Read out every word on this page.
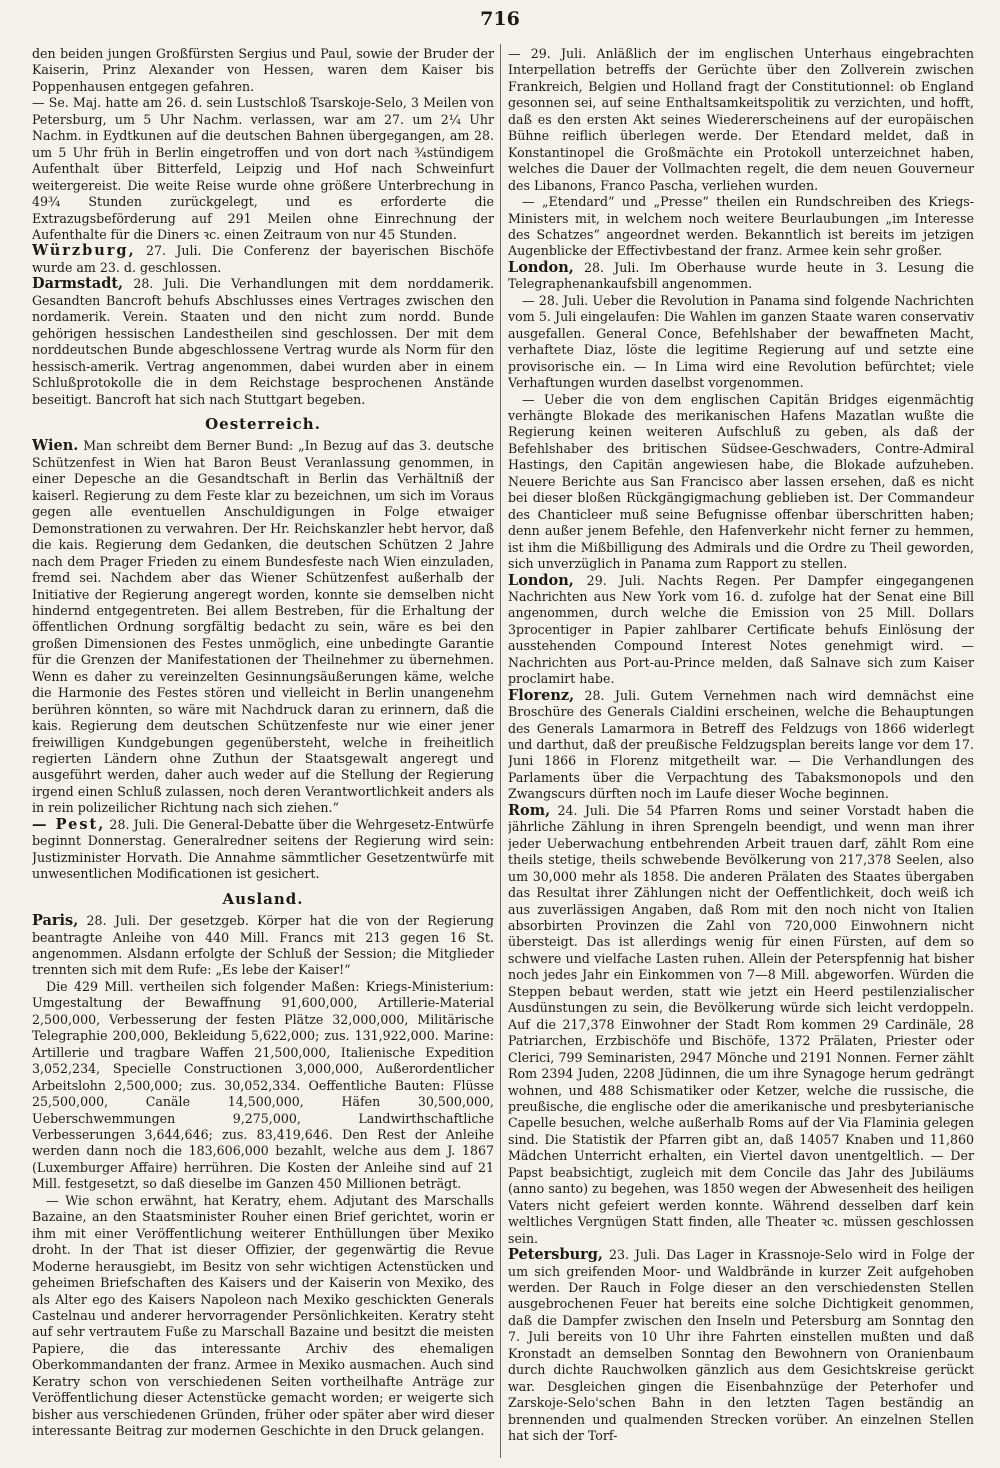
716

den beiden jungen Großfürsten Sergius und Paul, sowie der Bruder der Kaiserin, Prinz Alexander von Hessen, waren dem Kaiser bis Poppenhausen entgegen gefahren.

— Se. Maj. hatte am 26. d. sein Lustschloß Tsarskoje-Selo, 3 Meilen von Petersburg, um 5 Uhr Nachm. verlassen, war am 27. um 2¼ Uhr Nachm. in Eydtkunen auf die deutschen Bahnen übergegangen, am 28. um 5 Uhr früh in Berlin eingetroffen und von dort nach ¾stündigem Aufenthalt über Bitterfeld, Leipzig und Hof nach Schweinfurt weitergereist. Die weite Reise wurde ohne größere Unterbrechung in 49¾ Stunden zurückgelegt, und es erforderte die Extrazugsbeförderung auf 291 Meilen ohne Einrechnung der Aufenthalte für die Diners ꝛc. einen Zeitraum von nur 45 Stunden.

Würzburg, 27. Juli. Die Conferenz der bayerischen Bischöfe wurde am 23. d. geschlossen.

Darmstadt, 28. Juli. Die Verhandlungen mit dem norddamerik. Gesandten Bancroft behufs Abschlusses eines Vertrages zwischen den nordamerik. Verein. Staaten und den nicht zum nordd. Bunde gehörigen hessischen Landestheilen sind geschlossen. Der mit dem norddeutschen Bunde abgeschlossene Vertrag wurde als Norm für den hessisch-amerik. Vertrag angenommen, dabei wurden aber in einem Schlußprotokolle die in dem Reichstage besprochenen Anstände beseitigt. Bancroft hat sich nach Stuttgart begeben.

Oesterreich.

Wien. Man schreibt dem Berner Bund: „In Bezug auf das 3. deutsche Schützenfest in Wien hat Baron Beust Veranlassung genommen, in einer Depesche an die Gesandtschaft in Berlin das Verhältniß der kaiserl. Regierung zu dem Feste klar zu bezeichnen, um sich im Voraus gegen alle eventuellen Anschuldigungen in Folge etwaiger Demonstrationen zu verwahren. Der Hr. Reichskanzler hebt hervor, daß die kais. Regierung dem Gedanken, die deutschen Schützen 2 Jahre nach dem Prager Frieden zu einem Bundesfeste nach Wien einzuladen, fremd sei. Nachdem aber das Wiener Schützenfest außerhalb der Initiative der Regierung angeregt worden, konnte sie demselben nicht hindernd entgegentreten. Bei allem Bestreben, für die Erhaltung der öffentlichen Ordnung sorgfältig bedacht zu sein, wäre es bei den großen Dimensionen des Festes unmöglich, eine unbedingte Garantie für die Grenzen der Manifestationen der Theilnehmer zu übernehmen. Wenn es daher zu vereinzelten Gesinnungsäußerungen käme, welche die Harmonie des Festes stören und vielleicht in Berlin unangenehm berühren könnten, so wäre mit Nachdruck daran zu erinnern, daß die kais. Regierung dem deutschen Schützenfeste nur wie einer jener freiwilligen Kundgebungen gegenübersteht, welche in freiheitlich regierten Ländern ohne Zuthun der Staatsgewalt angeregt und ausgeführt werden, daher auch weder auf die Stellung der Regierung irgend einen Schluß zulassen, noch deren Verantwortlichkeit anders als in rein polizeilicher Richtung nach sich ziehen.“

— Pest, 28. Juli. Die General-Debatte über die Wehrgesetz-Entwürfe beginnt Donnerstag. Generalredner seitens der Regierung wird sein: Justizminister Horvath. Die Annahme sämmtlicher Gesetzentwürfe mit unwesentlichen Modificationen ist gesichert.

Ausland.

Paris, 28. Juli. Der gesetzgeb. Körper hat die von der Regierung beantragte Anleihe von 440 Mill. Francs mit 213 gegen 16 St. angenommen. Alsdann erfolgte der Schluß der Session; die Mitglieder trennten sich mit dem Rufe: „Es lebe der Kaiser!“

Die 429 Mill. vertheilen sich folgender Maßen: Kriegs-Ministerium: Umgestaltung der Bewaffnung 91,600,000, Artillerie-Material 2,500,000, Verbesserung der festen Plätze 32,000,000, Militärische Telegraphie 200,000, Bekleidung 5,622,000; zus. 131,922,000. Marine: Artillerie und tragbare Waffen 21,500,000, Italienische Expedition 3,052,234, Specielle Constructionen 3,000,000, Außerordentlicher Arbeitslohn 2,500,000; zus. 30,052,334. Oeffentliche Bauten: Flüsse 25,500,000, Canäle 14,500,000, Häfen 30,500,000, Ueberschwemmungen 9,275,000, Landwirthschaftliche Verbesserungen 3,644,646; zus. 83,419,646. Den Rest der Anleihe werden dann noch die 183,606,000 bezahlt, welche aus dem J. 1867 (Luxemburger Affaire) herrühren. Die Kosten der Anleihe sind auf 21 Mill. festgesetzt, so daß dieselbe im Ganzen 450 Millionen beträgt.

— Wie schon erwähnt, hat Keratry, ehem. Adjutant des Marschalls Bazaine, an den Staatsminister Rouher einen Brief gerichtet, worin er ihm mit einer Veröffentlichung weiterer Enthüllungen über Mexiko droht. In der That ist dieser Offizier, der gegenwärtig die Revue Moderne herausgiebt, im Besitz von sehr wichtigen Actenstücken und geheimen Briefschaften des Kaisers und der Kaiserin von Mexiko, des als Alter ego des Kaisers Napoleon nach Mexiko geschickten Generals Castelnau und anderer hervorragender Persönlichkeiten. Keratry steht auf sehr vertrautem Fuße zu Marschall Bazaine und besitzt die meisten Papiere, die das interessante Archiv des ehemaligen Oberkommandanten der franz. Armee in Mexiko ausmachen. Auch sind Keratry schon von verschiedenen Seiten vortheilhafte Anträge zur Veröffentlichung dieser Actenstücke gemacht worden; er weigerte sich bisher aus verschiedenen Gründen, früher oder später aber wird dieser interessante Beitrag zur modernen Geschichte in den Druck gelangen.

— 29. Juli. Anläßlich der im englischen Unterhaus eingebrachten Interpellation betreffs der Gerüchte über den Zollverein zwischen Frankreich, Belgien und Holland fragt der Constitutionnel: ob England gesonnen sei, auf seine Enthaltsamkeitspolitik zu verzichten, und hofft, daß es den ersten Akt seines Wiedererscheinens auf der europäischen Bühne reiflich überlegen werde. Der Etendard meldet, daß in Konstantinopel die Großmächte ein Protokoll unterzeichnet haben, welches die Dauer der Vollmachten regelt, die dem neuen Gouverneur des Libanons, Franco Pascha, verliehen wurden.

— „Etendard“ und „Presse“ theilen ein Rundschreiben des Kriegs-Ministers mit, in welchem noch weitere Beurlaubungen „im Interesse des Schatzes“ angeordnet werden. Bekanntlich ist bereits im jetzigen Augenblicke der Effectivbestand der franz. Armee kein sehr großer.

London, 28. Juli. Im Oberhause wurde heute in 3. Lesung die Telegraphenankaufsbill angenommen.

— 28. Juli. Ueber die Revolution in Panama sind folgende Nachrichten vom 5. Juli eingelaufen: Die Wahlen im ganzen Staate waren conservativ ausgefallen. General Conce, Befehlshaber der bewaffneten Macht, verhaftete Diaz, löste die legitime Regierung auf und setzte eine provisorische ein. — In Lima wird eine Revolution befürchtet; viele Verhaftungen wurden daselbst vorgenommen.

— Ueber die von dem englischen Capitän Bridges eigenmächtig verhängte Blokade des merikanischen Hafens Mazatlan wußte die Regierung keinen weiteren Aufschluß zu geben, als daß der Befehlshaber des britischen Südsee-Geschwaders, Contre-Admiral Hastings, den Capitän angewiesen habe, die Blokade aufzuheben. Neuere Berichte aus San Francisco aber lassen ersehen, daß es nicht bei dieser bloßen Rückgängigmachung geblieben ist. Der Commandeur des Chanticleer muß seine Befugnisse offenbar überschritten haben; denn außer jenem Befehle, den Hafenverkehr nicht ferner zu hemmen, ist ihm die Mißbilligung des Admirals und die Ordre zu Theil geworden, sich unverzüglich in Panama zum Rapport zu stellen.

London, 29. Juli. Nachts Regen. Per Dampfer eingegangenen Nachrichten aus New York vom 16. d. zufolge hat der Senat eine Bill angenommen, durch welche die Emission von 25 Mill. Dollars 3procentiger in Papier zahlbarer Certificate behufs Einlösung der ausstehenden Compound Interest Notes genehmigt wird. — Nachrichten aus Port-au-Prince melden, daß Salnave sich zum Kaiser proclamirt habe.

Florenz, 28. Juli. Gutem Vernehmen nach wird demnächst eine Broschüre des Generals Cialdini erscheinen, welche die Behauptungen des Generals Lamarmora in Betreff des Feldzugs von 1866 widerlegt und darthut, daß der preußische Feldzugsplan bereits lange vor dem 17. Juni 1866 in Florenz mitgetheilt war. — Die Verhandlungen des Parlaments über die Verpachtung des Tabaksmonopols und den Zwangscurs dürften noch im Laufe dieser Woche beginnen.

Rom, 24. Juli. Die 54 Pfarren Roms und seiner Vorstadt haben die jährliche Zählung in ihren Sprengeln beendigt, und wenn man ihrer jeder Ueberwachung entbehrenden Arbeit trauen darf, zählt Rom eine theils stetige, theils schwebende Bevölkerung von 217,378 Seelen, also um 30,000 mehr als 1858. Die anderen Prälaten des Staates übergaben das Resultat ihrer Zählungen nicht der Oeffentlichkeit, doch weiß ich aus zuverlässigen Angaben, daß Rom mit den noch nicht von Italien absorbirten Provinzen die Zahl von 720,000 Einwohnern nicht übersteigt. Das ist allerdings wenig für einen Fürsten, auf dem so schwere und vielfache Lasten ruhen. Allein der Peterspfennig hat bisher noch jedes Jahr ein Einkommen von 7—8 Mill. abgeworfen. Würden die Steppen bebaut werden, statt wie jetzt ein Heerd pestilenzialischer Ausdünstungen zu sein, die Bevölkerung würde sich leicht verdoppeln. Auf die 217,378 Einwohner der Stadt Rom kommen 29 Cardinäle, 28 Patriarchen, Erzbischöfe und Bischöfe, 1372 Prälaten, Priester oder Clerici, 799 Seminaristen, 2947 Mönche und 2191 Nonnen. Ferner zählt Rom 2394 Juden, 2208 Jüdinnen, die um ihre Synagoge herum gedrängt wohnen, und 488 Schismatiker oder Ketzer, welche die russische, die preußische, die englische oder die amerikanische und presbyterianische Capelle besuchen, welche außerhalb Roms auf der Via Flaminia gelegen sind. Die Statistik der Pfarren gibt an, daß 14057 Knaben und 11,860 Mädchen Unterricht erhalten, ein Viertel davon unentgeltlich. — Der Papst beabsichtigt, zugleich mit dem Concile das Jahr des Jubiläums (anno santo) zu begehen, was 1850 wegen der Abwesenheit des heiligen Vaters nicht gefeiert werden konnte. Während desselben darf kein weltliches Vergnügen Statt finden, alle Theater ꝛc. müssen geschlossen sein.

Petersburg, 23. Juli. Das Lager in Krassnoje-Selo wird in Folge der um sich greifenden Moor- und Waldbrände in kurzer Zeit aufgehoben werden. Der Rauch in Folge dieser an den verschiedensten Stellen ausgebrochenen Feuer hat bereits eine solche Dichtigkeit genommen, daß die Dampfer zwischen den Inseln und Petersburg am Sonntag den 7. Juli bereits von 10 Uhr ihre Fahrten einstellen mußten und daß Kronstadt an demselben Sonntag den Bewohnern von Oranienbaum durch dichte Rauchwolken gänzlich aus dem Gesichtskreise gerückt war. Desgleichen gingen die Eisenbahnzüge der Peterhofer und Zarskoje-Selo'schen Bahn in den letzten Tagen beständig an brennenden und qualmenden Strecken vorüber. An einzelnen Stellen hat sich der Torf-
